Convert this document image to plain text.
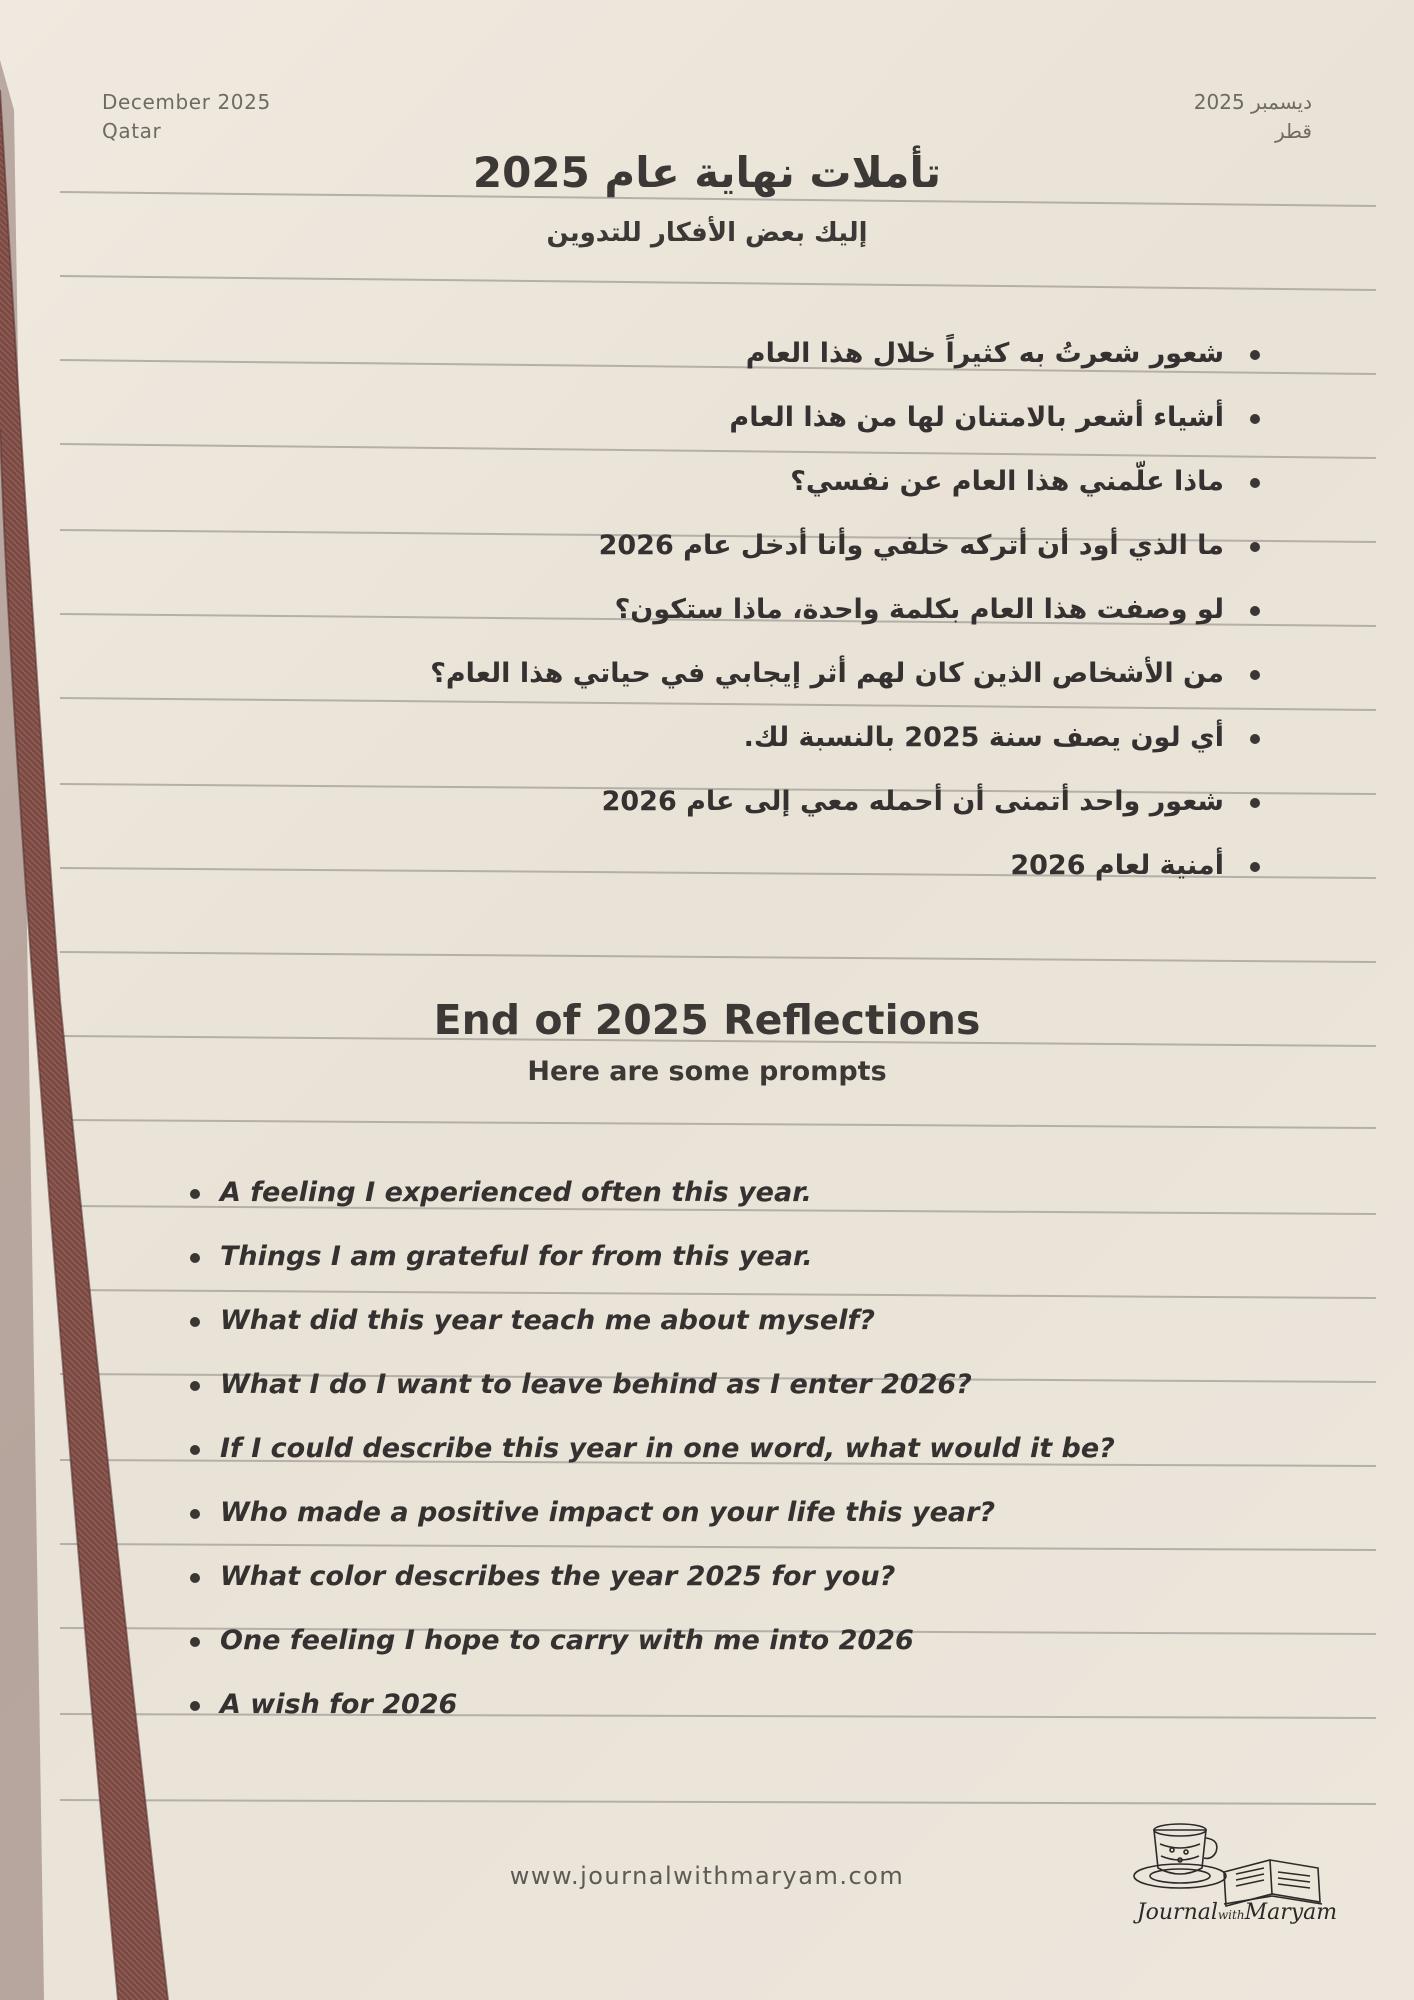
December 2025
Qatar
ديسمبر 2025
قطر
تأملات نهاية عام 2025
إليك بعض الأفكار للتدوين
شعور شعرتُ به كثيراً خلال هذا العام
أشياء أشعر بالامتنان لها من هذا العام
ماذا علّمني هذا العام عن نفسي؟
ما الذي أود أن أتركه خلفي وأنا أدخل عام 2026
لو وصفت هذا العام بكلمة واحدة، ماذا ستكون؟
من الأشخاص الذين كان لهم أثر إيجابي في حياتي هذا العام؟
أي لون يصف سنة 2025 بالنسبة لك.
شعور واحد أتمنى أن أحمله معي إلى عام 2026
أمنية لعام 2026
End of 2025 Reflections
Here are some prompts
A feeling I experienced often this year.
Things I am grateful for from this year.
What did this year teach me about myself?
What I do I want to leave behind as I enter 2026?
If I could describe this year in one word, what would it be?
Who made a positive impact on your life this year?
What color describes the year 2025 for you?
One feeling I hope to carry with me into 2026
A wish for 2026
www.journalwithmaryam.com
JournalwithMaryam
